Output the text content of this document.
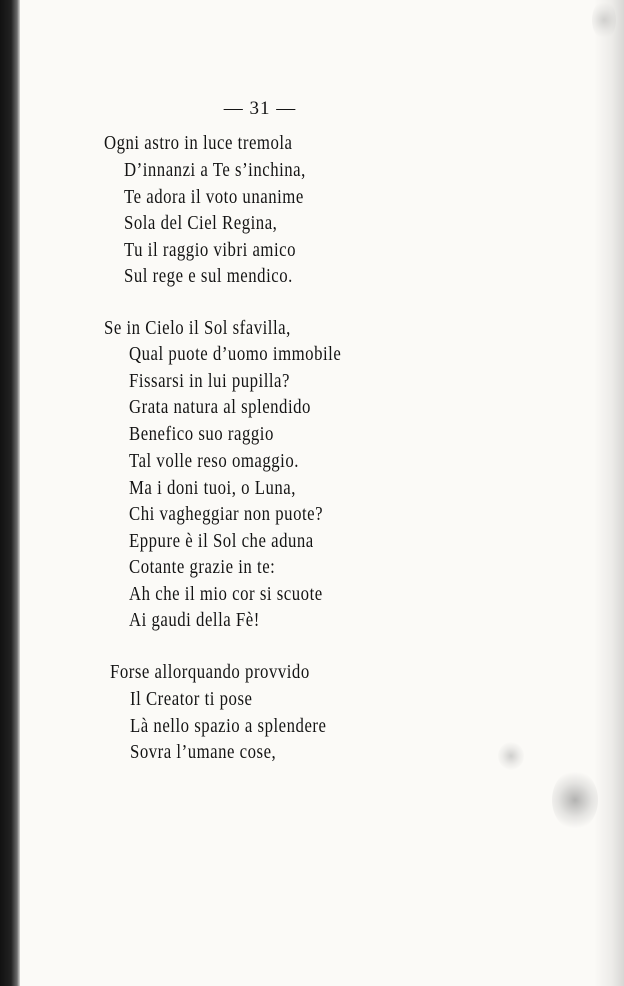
— 31 —
Ogni astro in luce tremola
D’innanzi a Te s’inchina,
Te adora il voto unanime
Sola del Ciel Regina,
Tu il raggio vibri amico
Sul rege e sul mendico.
Se in Cielo il Sol sfavilla,
Qual puote d’uomo immobile
Fissarsi in lui pupilla?
Grata natura al splendido
Benefico suo raggio
Tal volle reso omaggio.
Ma i doni tuoi, o Luna,
Chi vagheggiar non puote?
Eppure è il Sol che aduna
Cotante grazie in te:
Ah che il mio cor si scuote
Ai gaudi della Fè!
Forse allorquando provvido
Il Creator ti pose
Là nello spazio a splendere
Sovra l’umane cose,
